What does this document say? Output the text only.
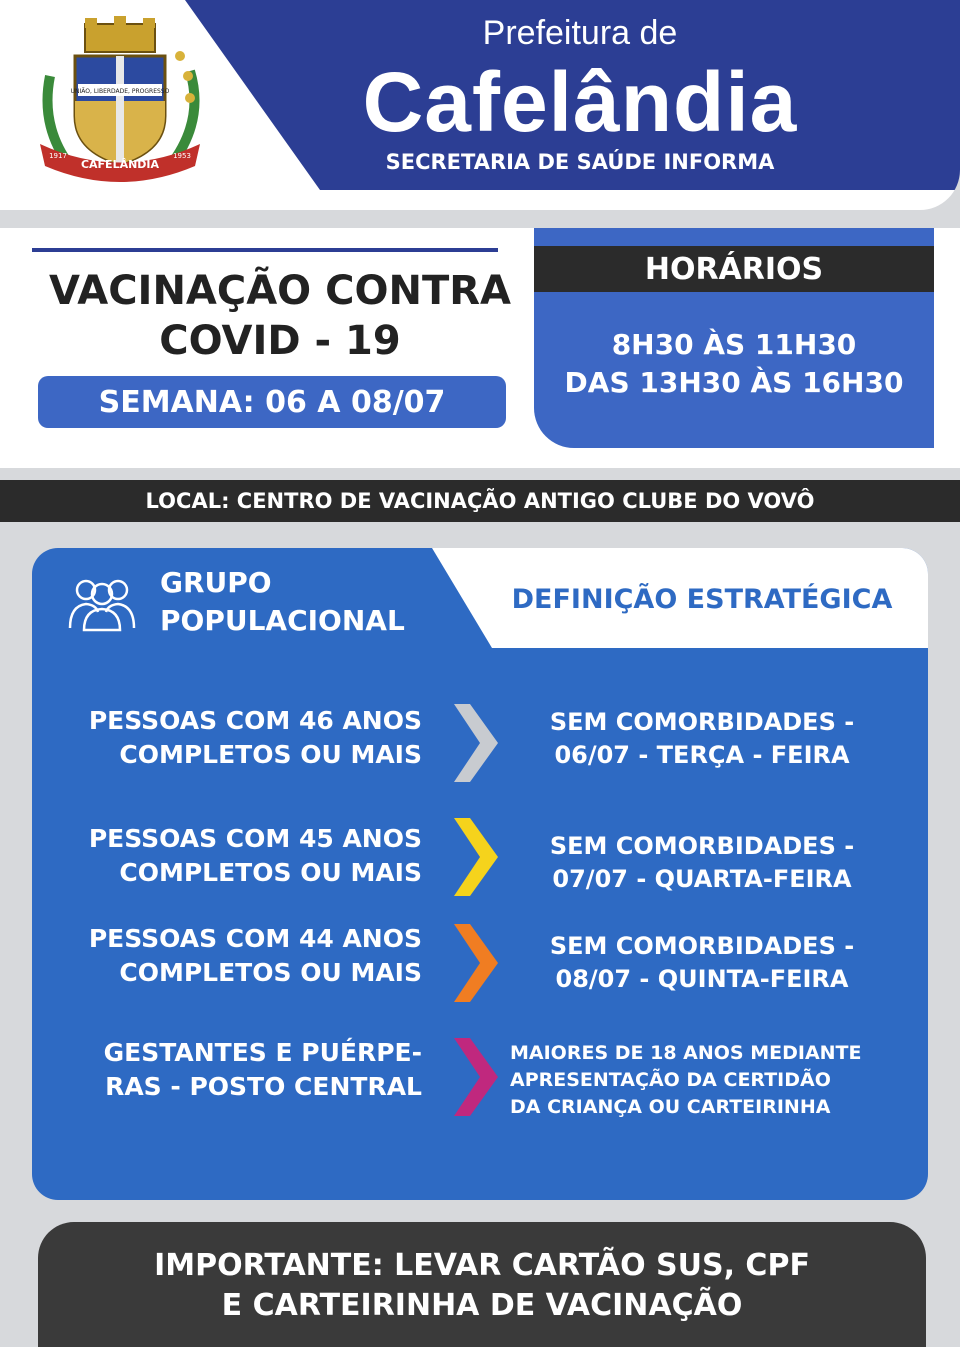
UNIÃO, LIBERDADE, PROGRESSO
CAFELÂNDIA
1917	1953
Prefeitura de
Cafelândia
SECRETARIA DE SAÚDE INFORMA
VACINAÇÃO CONTRA
COVID - 19
SEMANA: 06 A 08/07
HORÁRIOS
8H30 ÀS 11H30
DAS 13H30 ÀS 16H30
LOCAL: CENTRO DE VACINAÇÃO ANTIGO CLUBE DO VOVÔ
GRUPO
POPULACIONAL
DEFINIÇÃO ESTRATÉGICA
PESSOAS COM 46 ANOS
COMPLETOS OU MAIS
SEM COMORBIDADES -
06/07 - TERÇA - FEIRA
PESSOAS COM 45 ANOS
COMPLETOS OU MAIS
SEM COMORBIDADES -
07/07 - QUARTA-FEIRA
PESSOAS COM 44 ANOS
COMPLETOS OU MAIS
SEM COMORBIDADES -
08/07 - QUINTA-FEIRA
GESTANTES E PUÉRPE-
RAS - POSTO CENTRAL
MAIORES DE 18 ANOS MEDIANTE
APRESENTAÇÃO DA CERTIDÃO
DA CRIANÇA OU CARTEIRINHA
IMPORTANTE: LEVAR CARTÃO SUS, CPF
E CARTEIRINHA DE VACINAÇÃO
